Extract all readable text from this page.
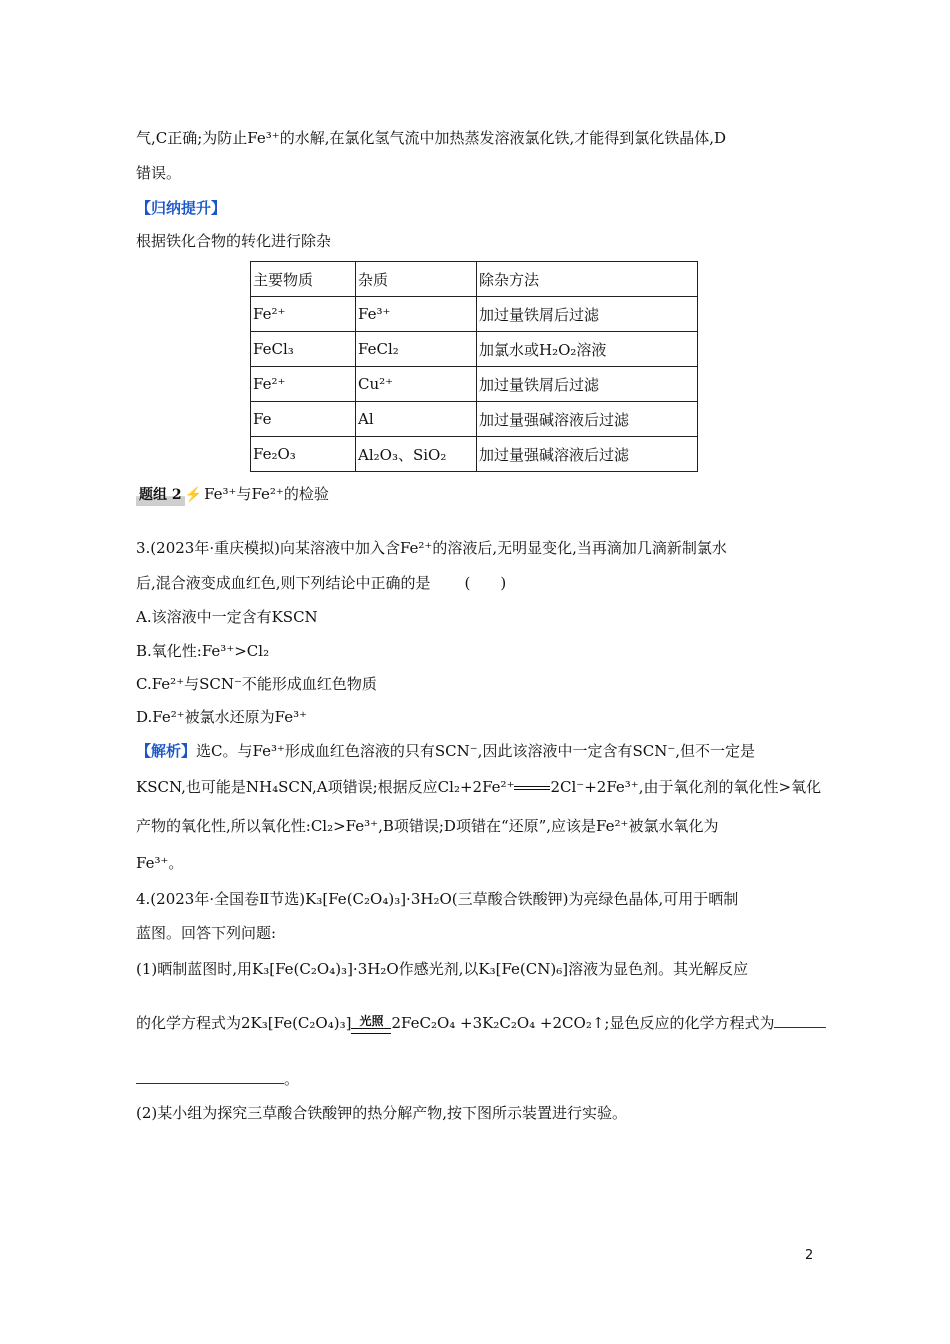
气,C正确;为防止Fe³⁺的水解,在氯化氢气流中加热蒸发溶液氯化铁,才能得到氯化铁晶体,D
错误。
【归纳提升】
根据铁化合物的转化进行除杂
主要物质	杂质	除杂方法
Fe²⁺	Fe³⁺	加过量铁屑后过滤
FeCl₃	FeCl₂	加氯水或H₂O₂溶液
Fe²⁺	Cu²⁺	加过量铁屑后过滤
Fe	Al	加过量强碱溶液后过滤
Fe₂O₃	Al₂O₃、SiO₂	加过量强碱溶液后过滤
题组 2 ⚡ Fe³⁺与Fe²⁺的检验
3.(2023年·重庆模拟)向某溶液中加入含Fe²⁺的溶液后,无明显变化,当再滴加几滴新制氯水
后,混合液变成血红色,则下列结论中正确的是 (　　)
A.该溶液中一定含有KSCN
B.氧化性:Fe³⁺>Cl₂
C.Fe²⁺与SCN⁻不能形成血红色物质
D.Fe²⁺被氯水还原为Fe³⁺
【解析】选C。与Fe³⁺形成血红色溶液的只有SCN⁻,因此该溶液中一定含有SCN⁻,但不一定是
KSCN,也可能是NH₄SCN,A项错误;根据反应Cl₂+2Fe²⁺ 2Cl⁻+2Fe³⁺,由于氧化剂的氧化性>氧化
产物的氧化性,所以氧化性:Cl₂>Fe³⁺,B项错误;D项错在“还原”,应该是Fe²⁺被氯水氧化为
Fe³⁺。
4.(2023年·全国卷Ⅱ节选)K₃[Fe(C₂O₄)₃]·3H₂O(三草酸合铁酸钾)为亮绿色晶体,可用于晒制
蓝图。回答下列问题:
(1)晒制蓝图时,用K₃[Fe(C₂O₄)₃]·3H₂O作感光剂,以K₃[Fe(CN)₆]溶液为显色剂。其光解反应
的化学方程式为2K₃[Fe(C₂O₄)₃] 光照 2FeC₂O₄ +3K₂C₂O₄ +2CO₂↑;显色反应的化学方程式为
。
(2)某小组为探究三草酸合铁酸钾的热分解产物,按下图所示装置进行实验。
2
